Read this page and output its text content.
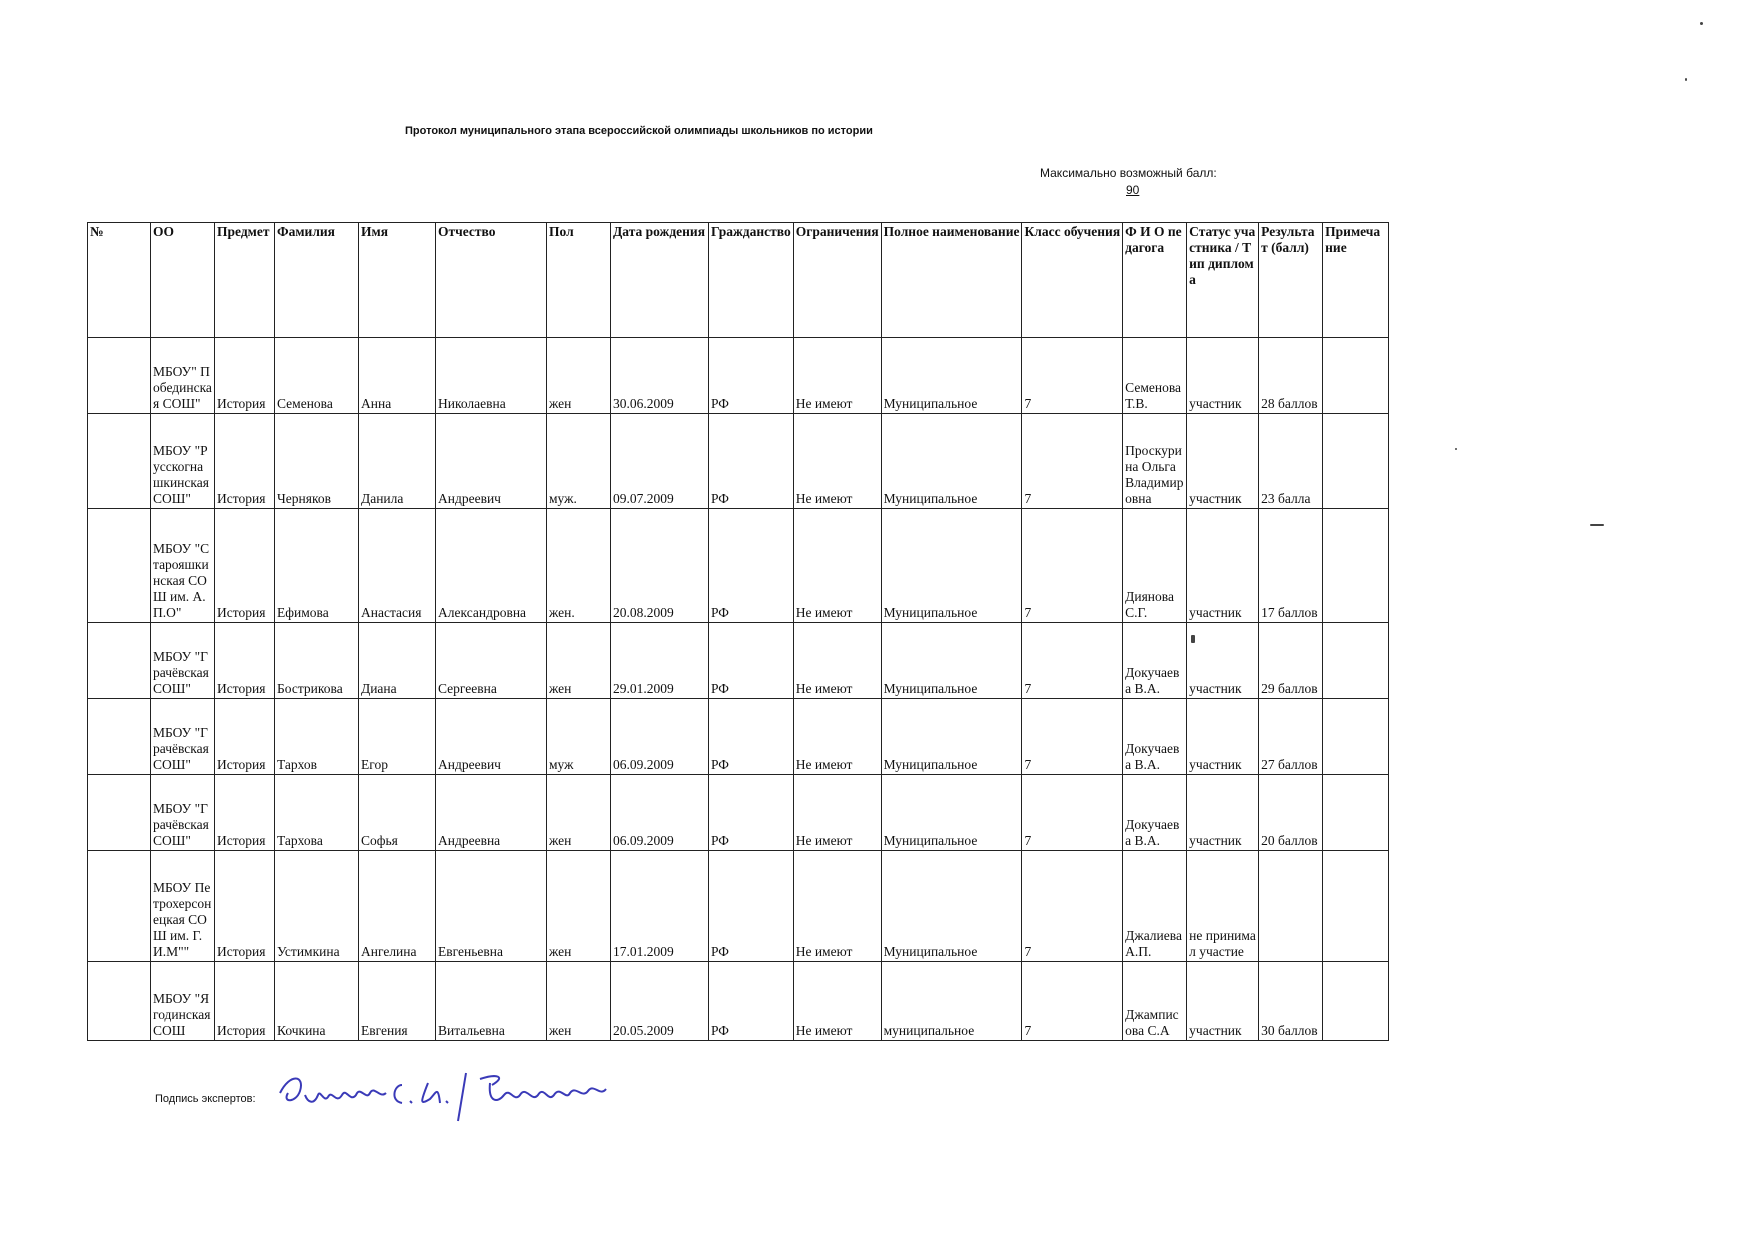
Протокол муниципального этапа всероссийской олимпиады школьников по истории
Максимально возможный балл:
90
№	ОО	Предмет	Фамилия	Имя	Отчество	Пол	Дата рождения	Гражданство	Ограничения	Полное наименование	Класс обучения	Ф И О педагога	Статус участника / Тип диплома	Результат (балл)	Примечание
	МБОУ" Побединская СОШ"	История	Семенова	Анна	Николаевна	жен	30.06.2009	РФ	Не имеют	Муниципальное	7	Семенова Т.В.	участник	28 баллов	
	МБОУ "Русскогнашкинская СОШ"	История	Черняков	Данила	Андреевич	муж.	09.07.2009	РФ	Не имеют	Муниципальное	7	Проскурина Ольга Владимировна	участник	23 балла	
	МБОУ "Старояшкинская СОШ им. А.П.О"	История	Ефимова	Анастасия	Александровна	жен.	20.08.2009	РФ	Не имеют	Муниципальное	7	Диянова С.Г.	участник	17 баллов	
	МБОУ "Грачёвская СОШ"	История	Бострикова	Диана	Сергеевна	жен	29.01.2009	РФ	Не имеют	Муниципальное	7	Докучаева В.А.	участник	29 баллов	
	МБОУ "Грачёвская СОШ"	История	Тархов	Егор	Андреевич	муж	06.09.2009	РФ	Не имеют	Муниципальное	7	Докучаева В.А.	участник	27 баллов	
	МБОУ "Грачёвская СОШ"	История	Тархова	Софья	Андреевна	жен	06.09.2009	РФ	Не имеют	Муниципальное	7	Докучаева В.А.	участник	20 баллов	
	МБОУ Петрохерсонецкая СОШ им. Г.И.М""	История	Устимкина	Ангелина	Евгеньевна	жен	17.01.2009	РФ	Не имеют	Муниципальное	7	Джалиева А.П.	не принимал участие		
	МБОУ "Ягодинская СОШ	История	Кочкина	Евгения	Витальевна	жен	20.05.2009	РФ	Не имеют	муниципальное	7	Джамписова С.А	участник	30 баллов	
Подпись экспертов:
